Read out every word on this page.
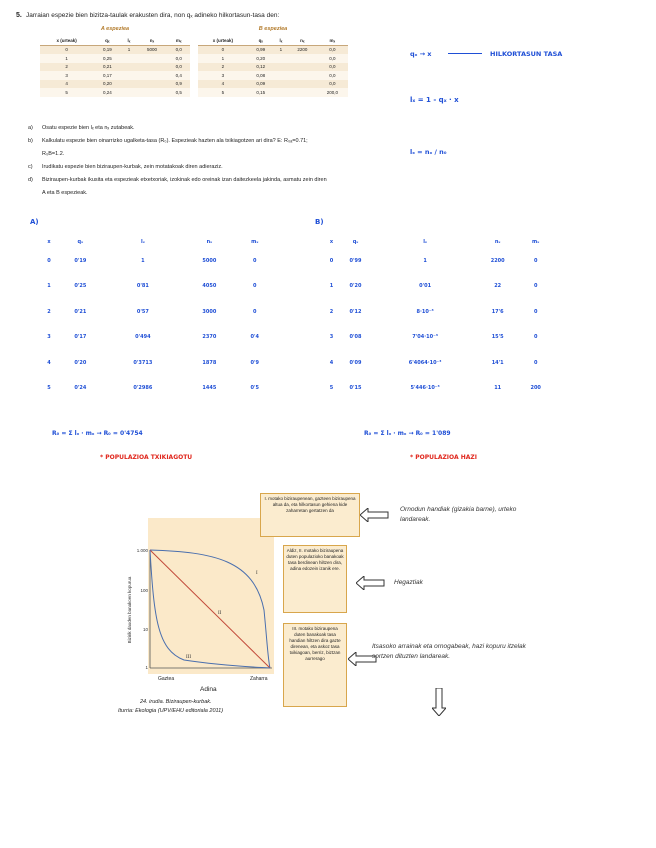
5. Jarraian espezie bien bizitza-taulak erakusten dira, non qₓ adineko hilkortasun-tasa den:
A espeziea
x (urteak)	qₓ	lₓ	nₓ	mₓ
0	0,19	1	5000	0,0
1	0,25			0,0
2	0,21			0,0
3	0,17			0,4
4	0,20			0,9
5	0,24			0,5
B espeziea
x (urteak)	qₓ	lₓ	nₓ	mₓ
0	0,99	1	2200	0,0
1	0,20			0,0
2	0,12			0,0
3	0,08			0,0
4	0,09			0,0
5	0,15			200,0
a)	Osatu espezie bien lₓ eta nₓ zutabeak.
b)	Kalkulatu espezie bien oinarrizko ugalketa-tasa (R₀). Espezieak hazten ala txikiagotzen ari dira? E: R₀ₐ=0.71; R₀B=1.2.
c)	Irudikatu espezie bien biziraupen-kurbak, zein motatakoak diren adieraziz.
d)	Biziraupen-kurbak ikusita eta espezieak etxetxoriak, izokinak edo oreinak izan daitezkeela jakinda, asmatu zein diren A eta B espezieak.
qₓ → x	HILKORTASUN TASA
lₓ = 1 - qₓ · x
lₓ = nₓ / n₀
A)	B)
x	qₓ	lₓ	nₓ	mₓ
0	0'19	1	5000	0
1	0'25	0'81	4050	0
2	0'21	0'57	3000	0
3	0'17	0'494	2370	0'4
4	0'20	0'3713	1878	0'9
5	0'24	0'2986	1445	0'5
x	qₓ	lₓ	nₓ	mₓ
0	0'99	1	2200	0
1	0'20	0'01	22	0
2	0'12	8·10⁻³	17'6	0
3	0'08	7'04·10⁻³	15'5	0
4	0'09	6'4064·10⁻³	14'1	0
5	0'15	5'446·10⁻³	11	200
R₀ = Σ lₓ · mₓ → R₀ = 0'4754	R₀ = Σ lₓ · mₓ → R₀ = 1'089
* POPULAZIOA TXIKIAGOTU	* POPULAZIOA HAZI
Bizirik dauden banakoen kopurua
1.000
100
10
1
I
II
III
Gaztea	Zaharra
Adina
24. irudia. Biziraupen-kurbak.
Iturria: Ekologia (UPV/EHU editoriala 2011)
I. motako biziraupenean, gazteen biziraupena altua da, eta hilkortasun gehiena kide zaharretan gertatzen da
Aldiz, II. motako biziraupena duten populazioko banakoak tasa berdinean hiltzen dira, adina edozein izanik ere.
III. motako biziraupena duten banakoak tasa handian hiltzen dira gazte direnean, eta askoz tasa txikiagoan, berriz, biztzan aurrerago
Ornodun handiak (gizakia barne), urteko landareak.
Hegaztiak
Itsasoko arrainak eta ornogabeak, hazi kopuru itzelak sortzen dituzten landareak.
